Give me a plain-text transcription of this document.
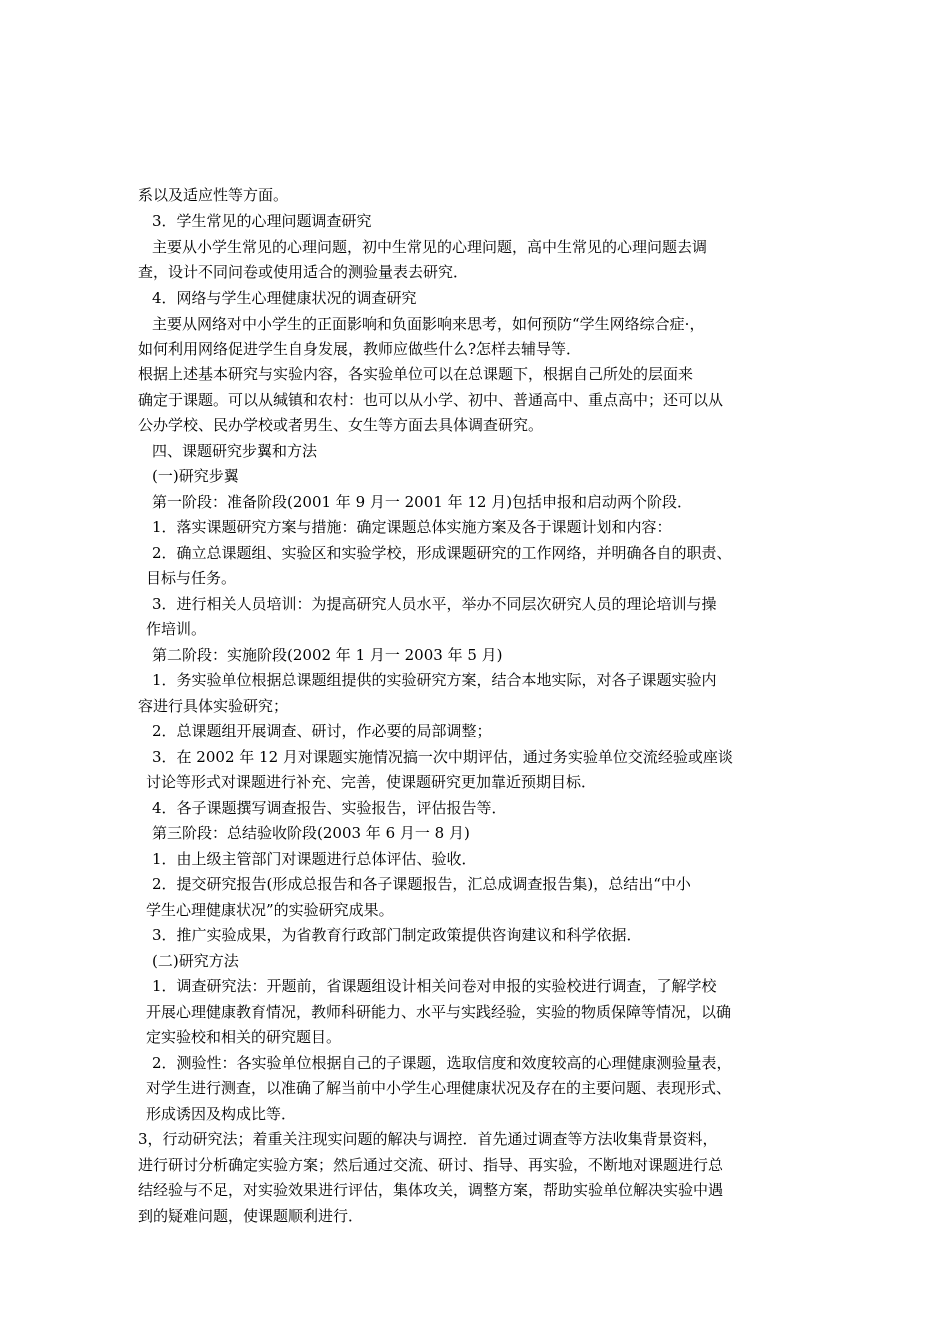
系以及适应性等方面。
3．学生常见的心理问题调查研究
主要从小学生常见的心理问题，初中生常见的心理问题，高中生常见的心理问题去调
查，设计不同问卷或使用适合的测验量表去研究．
4．网络与学生心理健康状况的调查研究
主要从网络对中小学生的正面影响和负面影响来思考，如何预防“学生网络综合症·，
如何利用网络促进学生自身发展，教师应做些什么?怎样去辅导等．
根据上述基本研究与实验内容，各实验单位可以在总课题下，根据自己所处的层面来
确定于课题。可以从缄镇和农村：也可以从小学、初中、普通高中、重点高中；还可以从
公办学校、民办学校或者男生、女生等方面去具体调查研究。
四、课题研究步翼和方法
(一)研究步翼
第一阶段：准备阶段(2001 年 9 月一 2001 年 12 月)包括申报和启动两个阶段．
1．落实课题研究方案与措施：确定课题总体实施方案及各于课题计划和内容：
2．确立总课题组、实验区和实验学校，形成课题研究的工作网络，并明确各自的职责、
目标与任务。
3．进行相关人员培训：为提高研究人员水平，举办不同层次研究人员的理论培训与操
作培训。
第二阶段：实施阶段(2002 年 1 月一 2003 年 5 月)
1．务实验单位根据总课题组提供的实验研究方案，结合本地实际，对各子课题实验内
容进行具体实验研究；
2．总课题组开展调查、研讨，作必要的局部调整；
3．在 2002 年 12 月对课题实施情况搞一次中期评估，通过务实验单位交流经验或座谈
讨论等形式对课题进行补充、完善，使课题研究更加靠近预期目标．
4．各子课题撰写调查报告、实验报告，评估报告等．
第三阶段：总结验收阶段(2003 年 6 月一 8 月)
1．由上级主管部门对课题进行总体评估、验收．
2．提交研究报告(形成总报告和各子课题报告，汇总成调查报告集)，总结出“中小
学生心理健康状况”的实验研究成果。
3．推广实验成果，为省教育行政部门制定政策提供咨询建议和科学依据．
(二)研究方法
1．调查研究法：开题前，省课题组设计相关问卷对申报的实验校进行调查，了解学校
开展心理健康教育情况，教师科研能力、水平与实践经验，实验的物质保障等情况，以确
定实验校和相关的研究题目。
2．测验性：各实验单位根据自己的子课题，选取信度和效度较高的心理健康测验量表，
对学生进行测查，以准确了解当前中小学生心理健康状况及存在的主要问题、表现形式、
形成诱因及构成比等．
3，行动研究法；着重关注现实问题的解决与调控．首先通过调查等方法收集背景资料，
进行研讨分析确定实验方案；然后通过交流、研讨、指导、再实验，不断地对课题进行总
结经验与不足，对实验效果进行评估，集体攻关，调整方案，帮助实验单位解决实验中遇
到的疑难问题，使课题顺利进行．
